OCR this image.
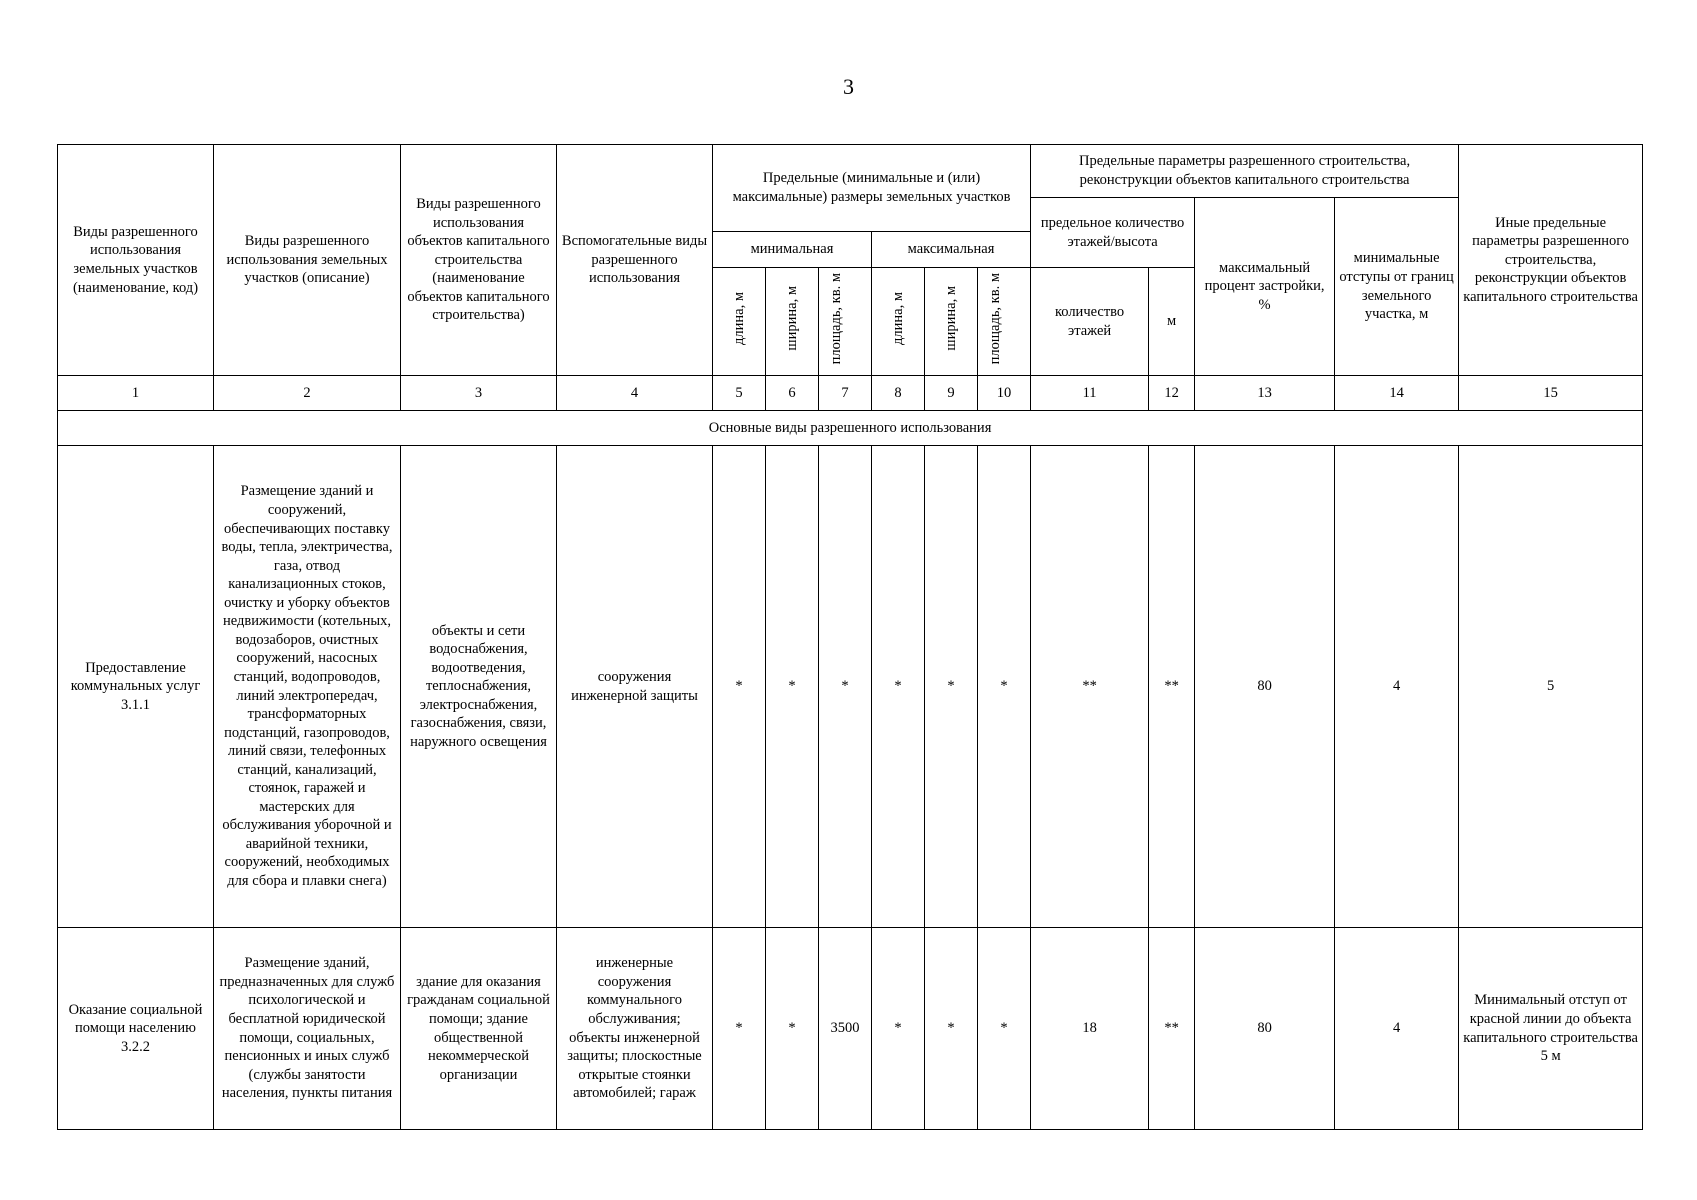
3
Виды разрешенного использования земельных участков (наименование, код)	Виды разрешенного использования земельных участков (описание)	Виды разрешенного использования объектов капитального строительства (наименование объектов капитального строительства)	Вспомогательные виды разрешенного использования	Предельные (минимальные и (или) максимальные) размеры земельных участков						Предельные параметры разрешенного строительства, реконструкции объектов капитального строительства				Иные предельные параметры разрешенного строительства, реконструкции объектов капитального строительства
										предельное количество этажей/высота		максимальный процент застройки, %	минимальные отступы от границ земельного участка, м	
				минимальная			максимальная							
				длина, м	ширина, м	площадь, кв. м	длина, м	ширина, м	площадь, кв. м	количество этажей	м			
1	2	3	4	5	6	7	8	9	10	11	12	13	14	15
Основные виды разрешенного использования														
Предоставление коммунальных услуг 3.1.1	Размещение зданий и сооружений, обеспечивающих поставку воды, тепла, электричества, газа, отвод канализационных стоков, очистку и уборку объектов недвижимости (котельных, водозаборов, очистных сооружений, насосных станций, водопроводов, линий электропередач, трансформаторных подстанций, газопроводов, линий связи, телефонных станций, канализаций, стоянок, гаражей и мастерских для обслуживания уборочной и аварийной техники, сооружений, необходимых для сбора и плавки снега)	объекты и сети водоснабжения, водоотведения, теплоснабжения, электроснабжения, газоснабжения, связи, наружного освещения	сооружения инженерной защиты	*	*	*	*	*	*	**	**	80	4	5
Оказание социальной помощи населению 3.2.2	Размещение зданий, предназначенных для служб психологической и бесплатной юридической помощи, социальных, пенсионных и иных служб (службы занятости населения, пункты питания	здание для оказания гражданам социальной помощи; здание общественной некоммерческой организации	инженерные сооружения коммунального обслуживания; объекты инженерной защиты; плоскостные открытые стоянки автомобилей; гараж	*	*	3500	*	*	*	18	**	80	4	Минимальный отступ от красной линии до объекта капитального строительства 5 м
